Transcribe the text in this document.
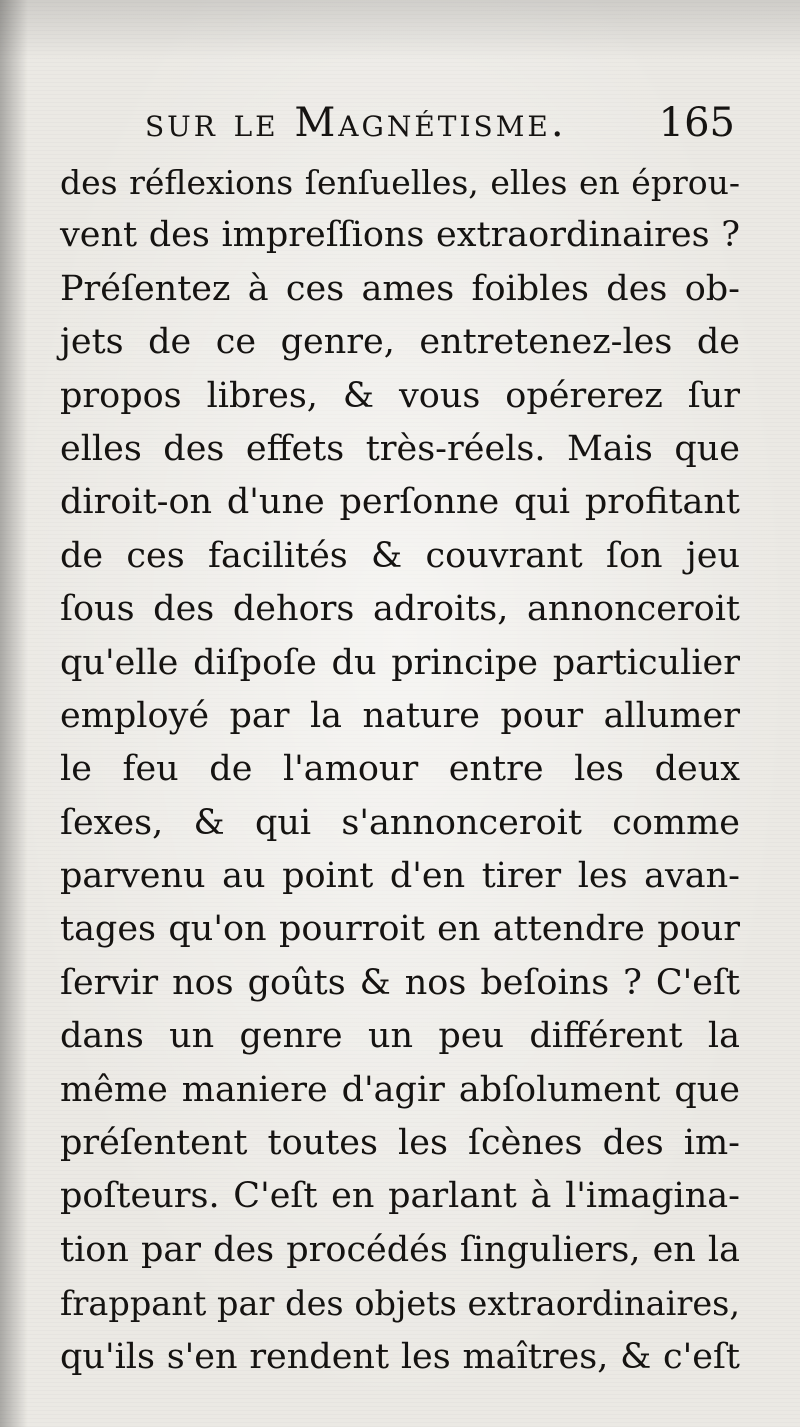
sur le Magnétisme. 165
des réflexions ſenſuelles, elles en éprou-
vent des impreſſions extraordinaires ?
Préſentez à ces ames foibles des ob-
jets de ce genre, entretenez-les de
propos libres, & vous opérerez ſur
elles des effets très-réels. Mais que
diroit-on d'une perſonne qui profitant
de ces facilités & couvrant ſon jeu
ſous des dehors adroits, annonceroit
qu'elle diſpoſe du principe particulier
employé par la nature pour allumer
le feu de l'amour entre les deux
ſexes, & qui s'annonceroit comme
parvenu au point d'en tirer les avan-
tages qu'on pourroit en attendre pour
ſervir nos goûts & nos beſoins ? C'eſt
dans un genre un peu différent la
même maniere d'agir abſolument que
préſentent toutes les ſcènes des im-
poſteurs. C'eſt en parlant à l'imagina-
tion par des procédés ſinguliers, en la
frappant par des objets extraordinaires,
qu'ils s'en rendent les maîtres, & c'eſt
